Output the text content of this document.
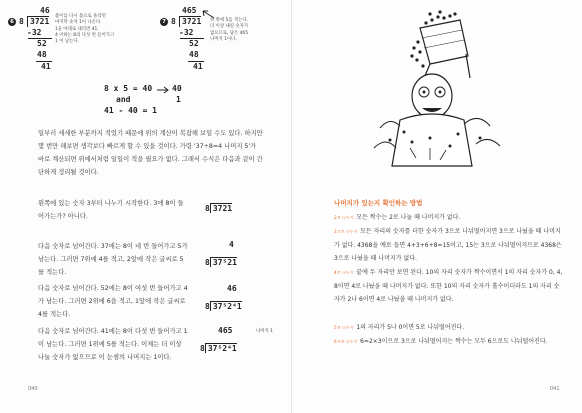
6
46
8 3721
-32
52
48
41
몫이를 다시 몫으로 올리면
마지막 숫자 1이 나온다.
1을 아래로 내리면 41.
4 이하는 8의 다섯 번 들어가고
1 이 남는다.
7
465
8 3721
-32
52
48
41
위 쪽에 5를 적는다.
더 이상 내릴 숫자가
없으므로, 답은 465
나머지 1이다.
8 x 5 = 40 40
and	1
41 - 40 = 1
일부러 세세한 부분까지 적었기 때문에 위의 계산이 복잡해 보일 수도 있다. 하지만 몇 번만 해보면 생각보다 빠르게 할 수 있을 것이다. 가령 '37÷8=4 나머지 5'가 바로 계산되면 위에서처럼 일일이 적을 필요가 없다. 그래서 수식은 다음과 같이 간단하게 정리될 것이다.
왼쪽에 있는 숫자 3부터 나누기 시작한다. 3에 8이 들어가는가? 아니다.
8 3721
다음 숫자로 넘어간다. 37에는 8이 네 번 들어가고 5가 남는다. 그러면 7위에 4를 적고, 2앞에 작은 글씨로 5를 적는다.
4
8 37⁵21
다음 숫자로 넘어간다. 52에는 8이 여섯 번 들어가고 4가 남는다. 그러면 2위에 6을 적고, 1앞에 작은 글씨로 4를 적는다.
46
8 37⁵2⁴1
다음 숫자로 넘어간다. 41에는 8이 다섯 번 들어가고 1이 남는다. 그러면 1위에 5를 적는다. 이제는 더 이상 나눌 숫자가 없으므로 이 눈셈의 나머지는 1이다.
465
8 37⁵2⁴1
나머지 1
040
나머지가 있는지 확인하는 방법
2로 나누기 모든 짝수는 2로 나눌 때 나머지가 없다.
3으로 나누기 모든 자리의 숫자를 더한 숫자가 3으로 나눠떨어지면 3으로 나눴을 때 나머지가 없다. 4368을 예로 들면 4+3+6+8=15이고, 15는 3으로 나눠떨어지므로 4368은 3으로 나눴을 때 나머지가 없다.
4로 나누기 끝에 두 자리만 보면 된다. 10의 자리 숫자가 짝수이면서 1의 자리 숫자가 0, 4, 8이면 4로 나눴을 때 나머지가 없다. 또한 10의 자리 숫자가 홀수이더라도 1의 자리 숫자가 2나 6이면 4로 나눴을 때 나머지가 없다.
5로 나누기 1의 자리가 5나 0이면 5로 나눠떨어진다.
6으로 나누기 6=2×3이므로 3으로 나눠떨어지는 짝수는 모두 6으로도 나눠떨어진다.
041
